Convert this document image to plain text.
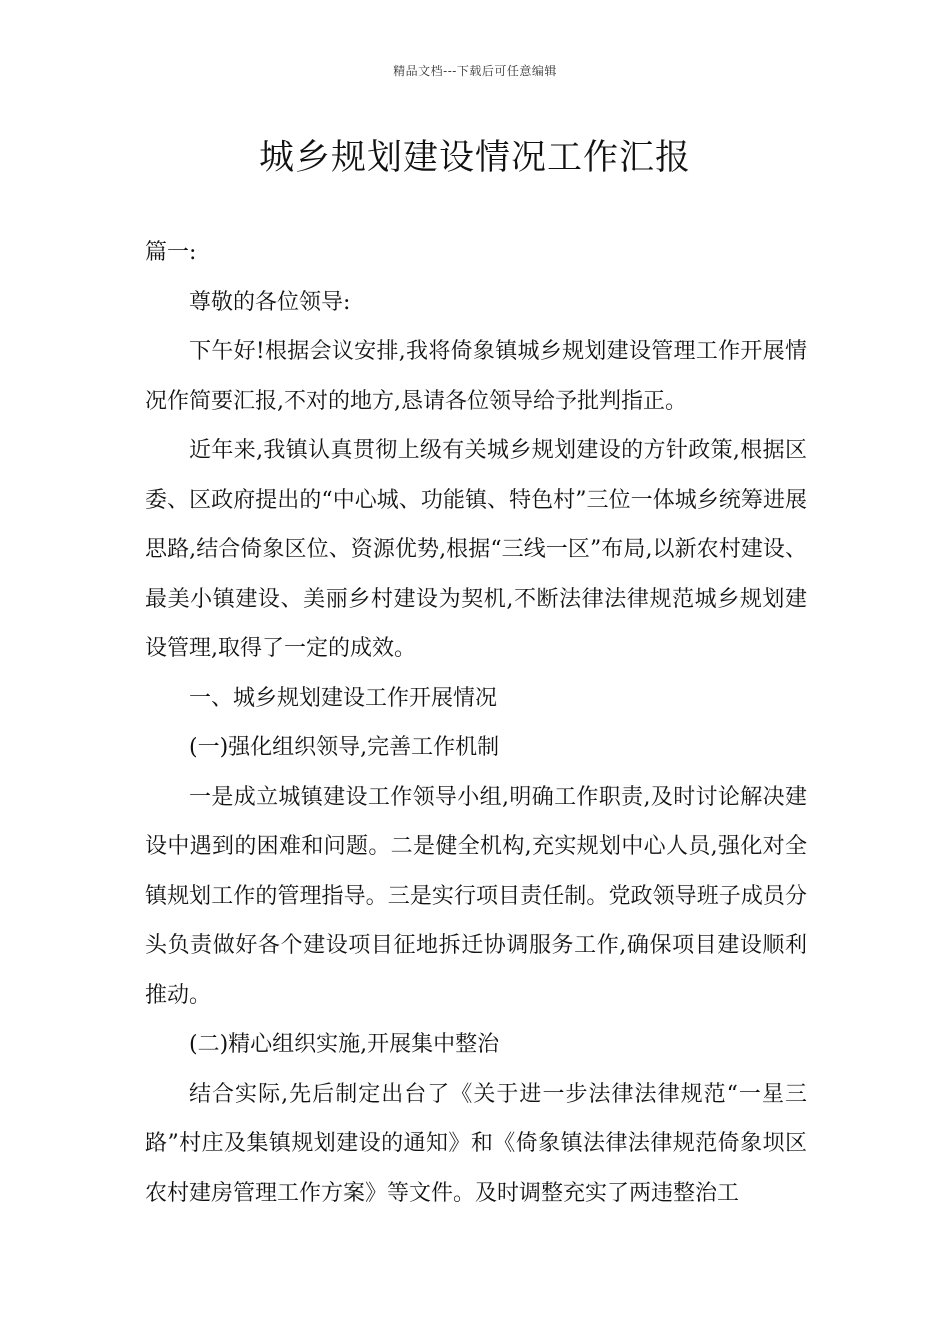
精品文档---下载后可任意编辑
城乡规划建设情况工作汇报

篇一:

尊敬的各位领导:

下午好!根据会议安排,我将倚象镇城乡规划建设管理工作开展情况作简要汇报,不对的地方,恳请各位领导给予批判指正。

近年来,我镇认真贯彻上级有关城乡规划建设的方针政策,根据区委、区政府提出的“中心城、功能镇、特色村”三位一体城乡统筹进展思路,结合倚象区位、资源优势,根据“三线一区”布局,以新农村建设、最美小镇建设、美丽乡村建设为契机,不断法律法律规范城乡规划建设管理,取得了一定的成效。

一、城乡规划建设工作开展情况

(一)强化组织领导,完善工作机制

一是成立城镇建设工作领导小组,明确工作职责,及时讨论解决建设中遇到的困难和问题。二是健全机构,充实规划中心人员,强化对全镇规划工作的管理指导。三是实行项目责任制。党政领导班子成员分头负责做好各个建设项目征地拆迁协调服务工作,确保项目建设顺利推动。

(二)精心组织实施,开展集中整治

结合实际,先后制定出台了《关于进一步法律法律规范“一星三路”村庄及集镇规划建设的通知》和《倚象镇法律法律规范倚象坝区农村建房管理工作方案》等文件。及时调整充实了两违整治工
